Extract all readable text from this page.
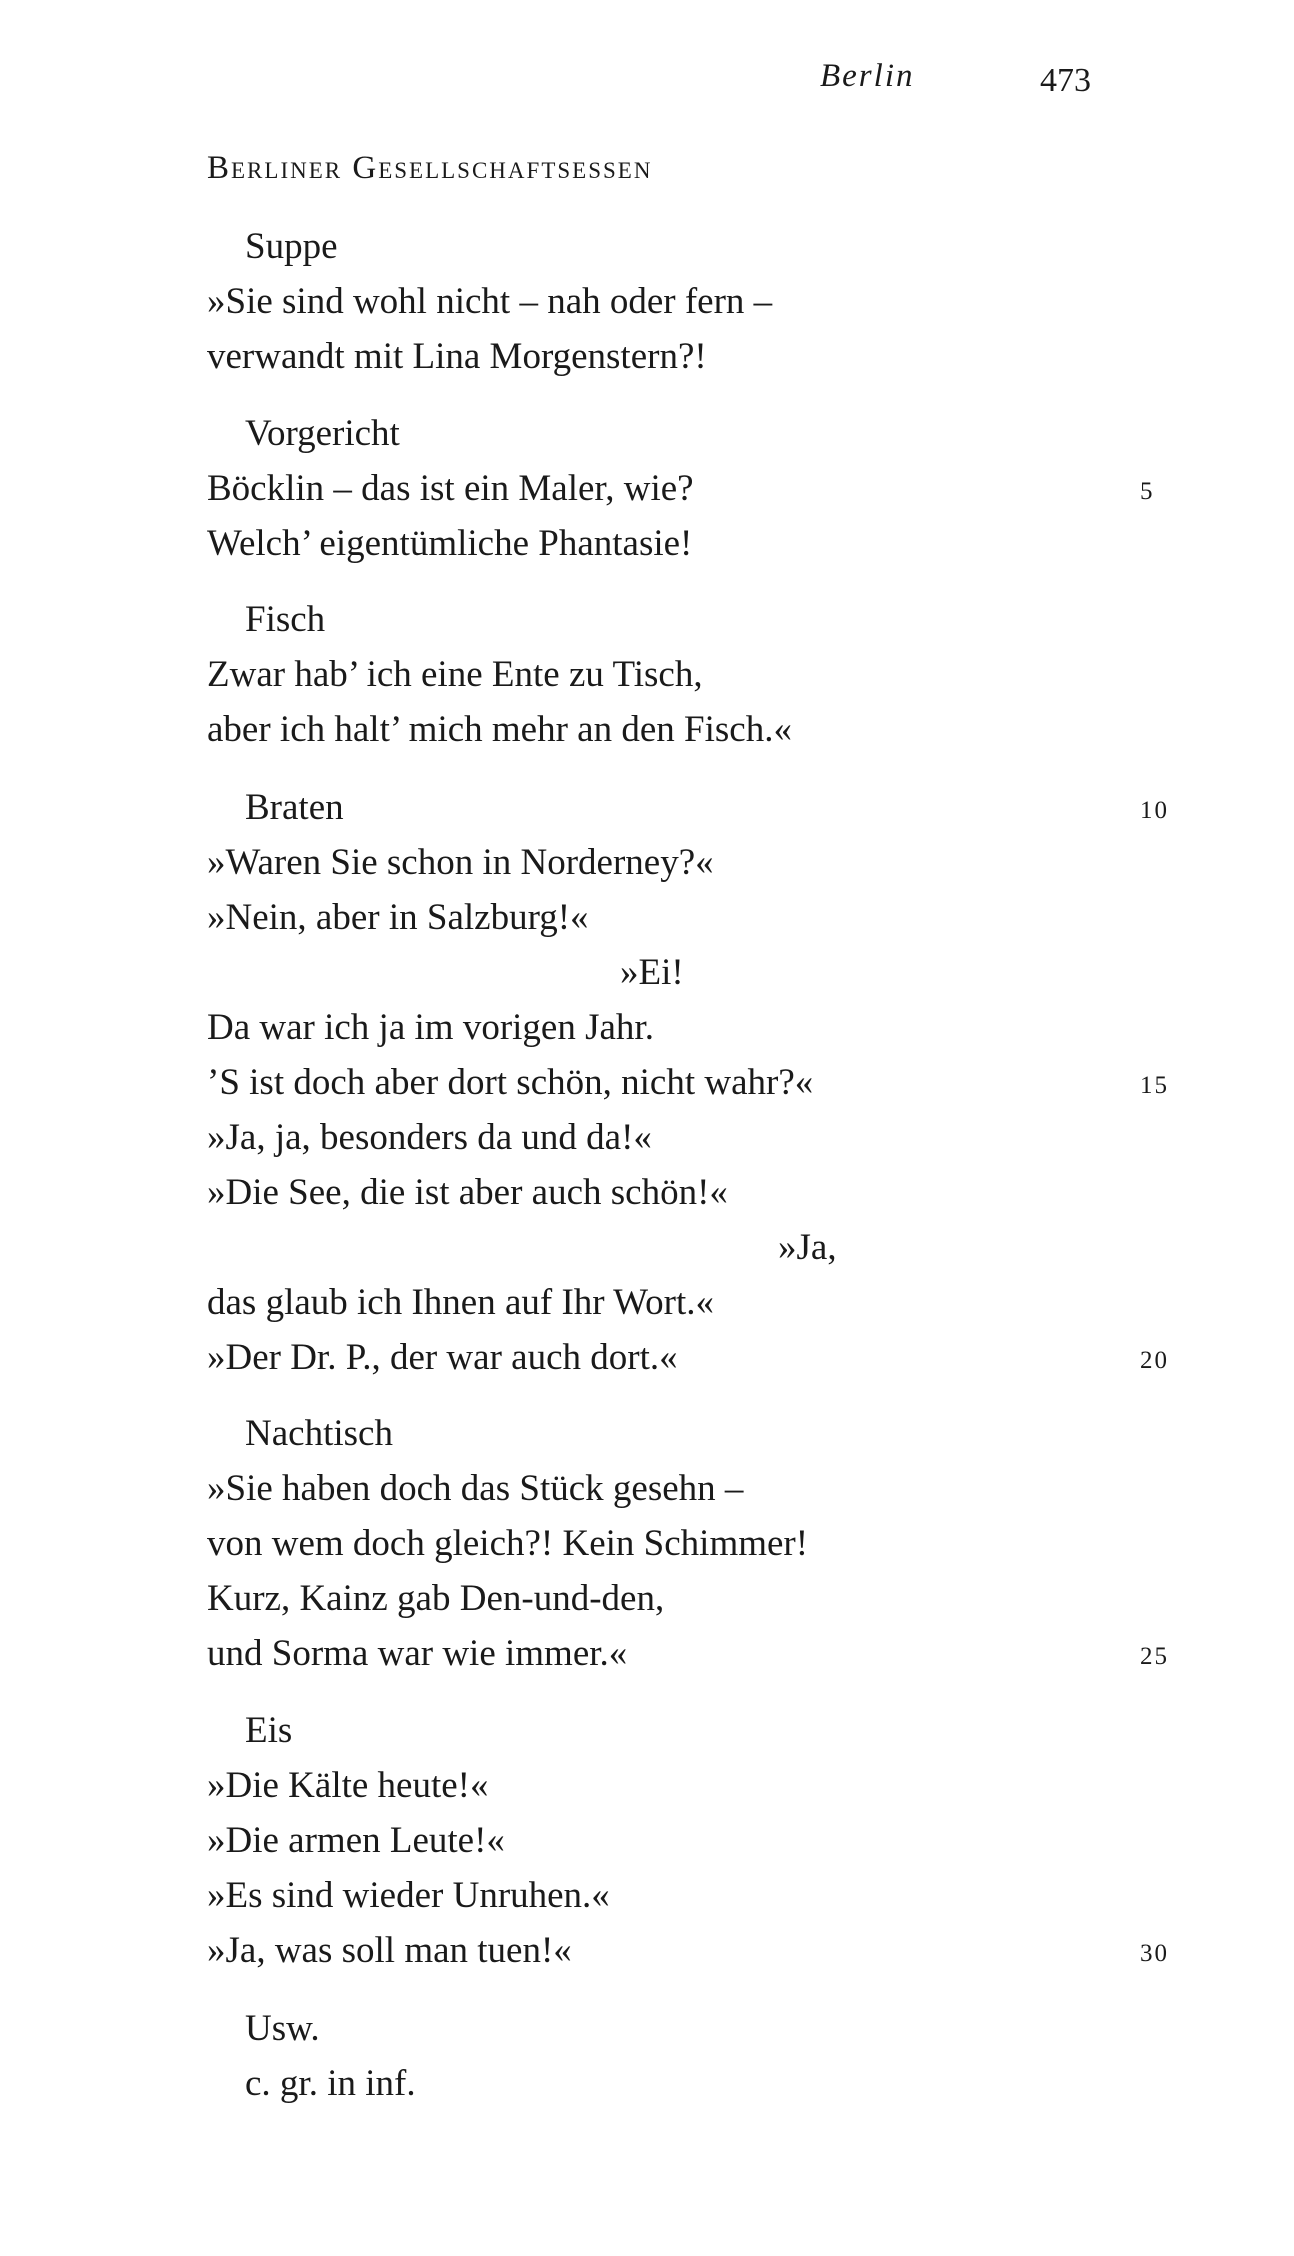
Berlin	473
Berliner Gesellschaftsessen
Suppe
»Sie sind wohl nicht – nah oder fern –
verwandt mit Lina Morgenstern?!
Vorgericht
Böcklin – das ist ein Maler, wie?	5
Welch’ eigentümliche Phantasie!
Fisch
Zwar hab’ ich eine Ente zu Tisch,
aber ich halt’ mich mehr an den Fisch.«
Braten	10
»Waren Sie schon in Norderney?«
»Nein, aber in Salzburg!«
»Ei!
Da war ich ja im vorigen Jahr.
’S ist doch aber dort schön, nicht wahr?«	15
»Ja, ja, besonders da und da!«
»Die See, die ist aber auch schön!«
»Ja,
das glaub ich Ihnen auf Ihr Wort.«
»Der Dr. P., der war auch dort.«	20
Nachtisch
»Sie haben doch das Stück gesehn –
von wem doch gleich?! Kein Schimmer!
Kurz, Kainz gab Den-und-den,
und Sorma war wie immer.«	25
Eis
»Die Kälte heute!«
»Die armen Leute!«
»Es sind wieder Unruhen.«
»Ja, was soll man tuen!«	30
Usw.
c. gr. in inf.
